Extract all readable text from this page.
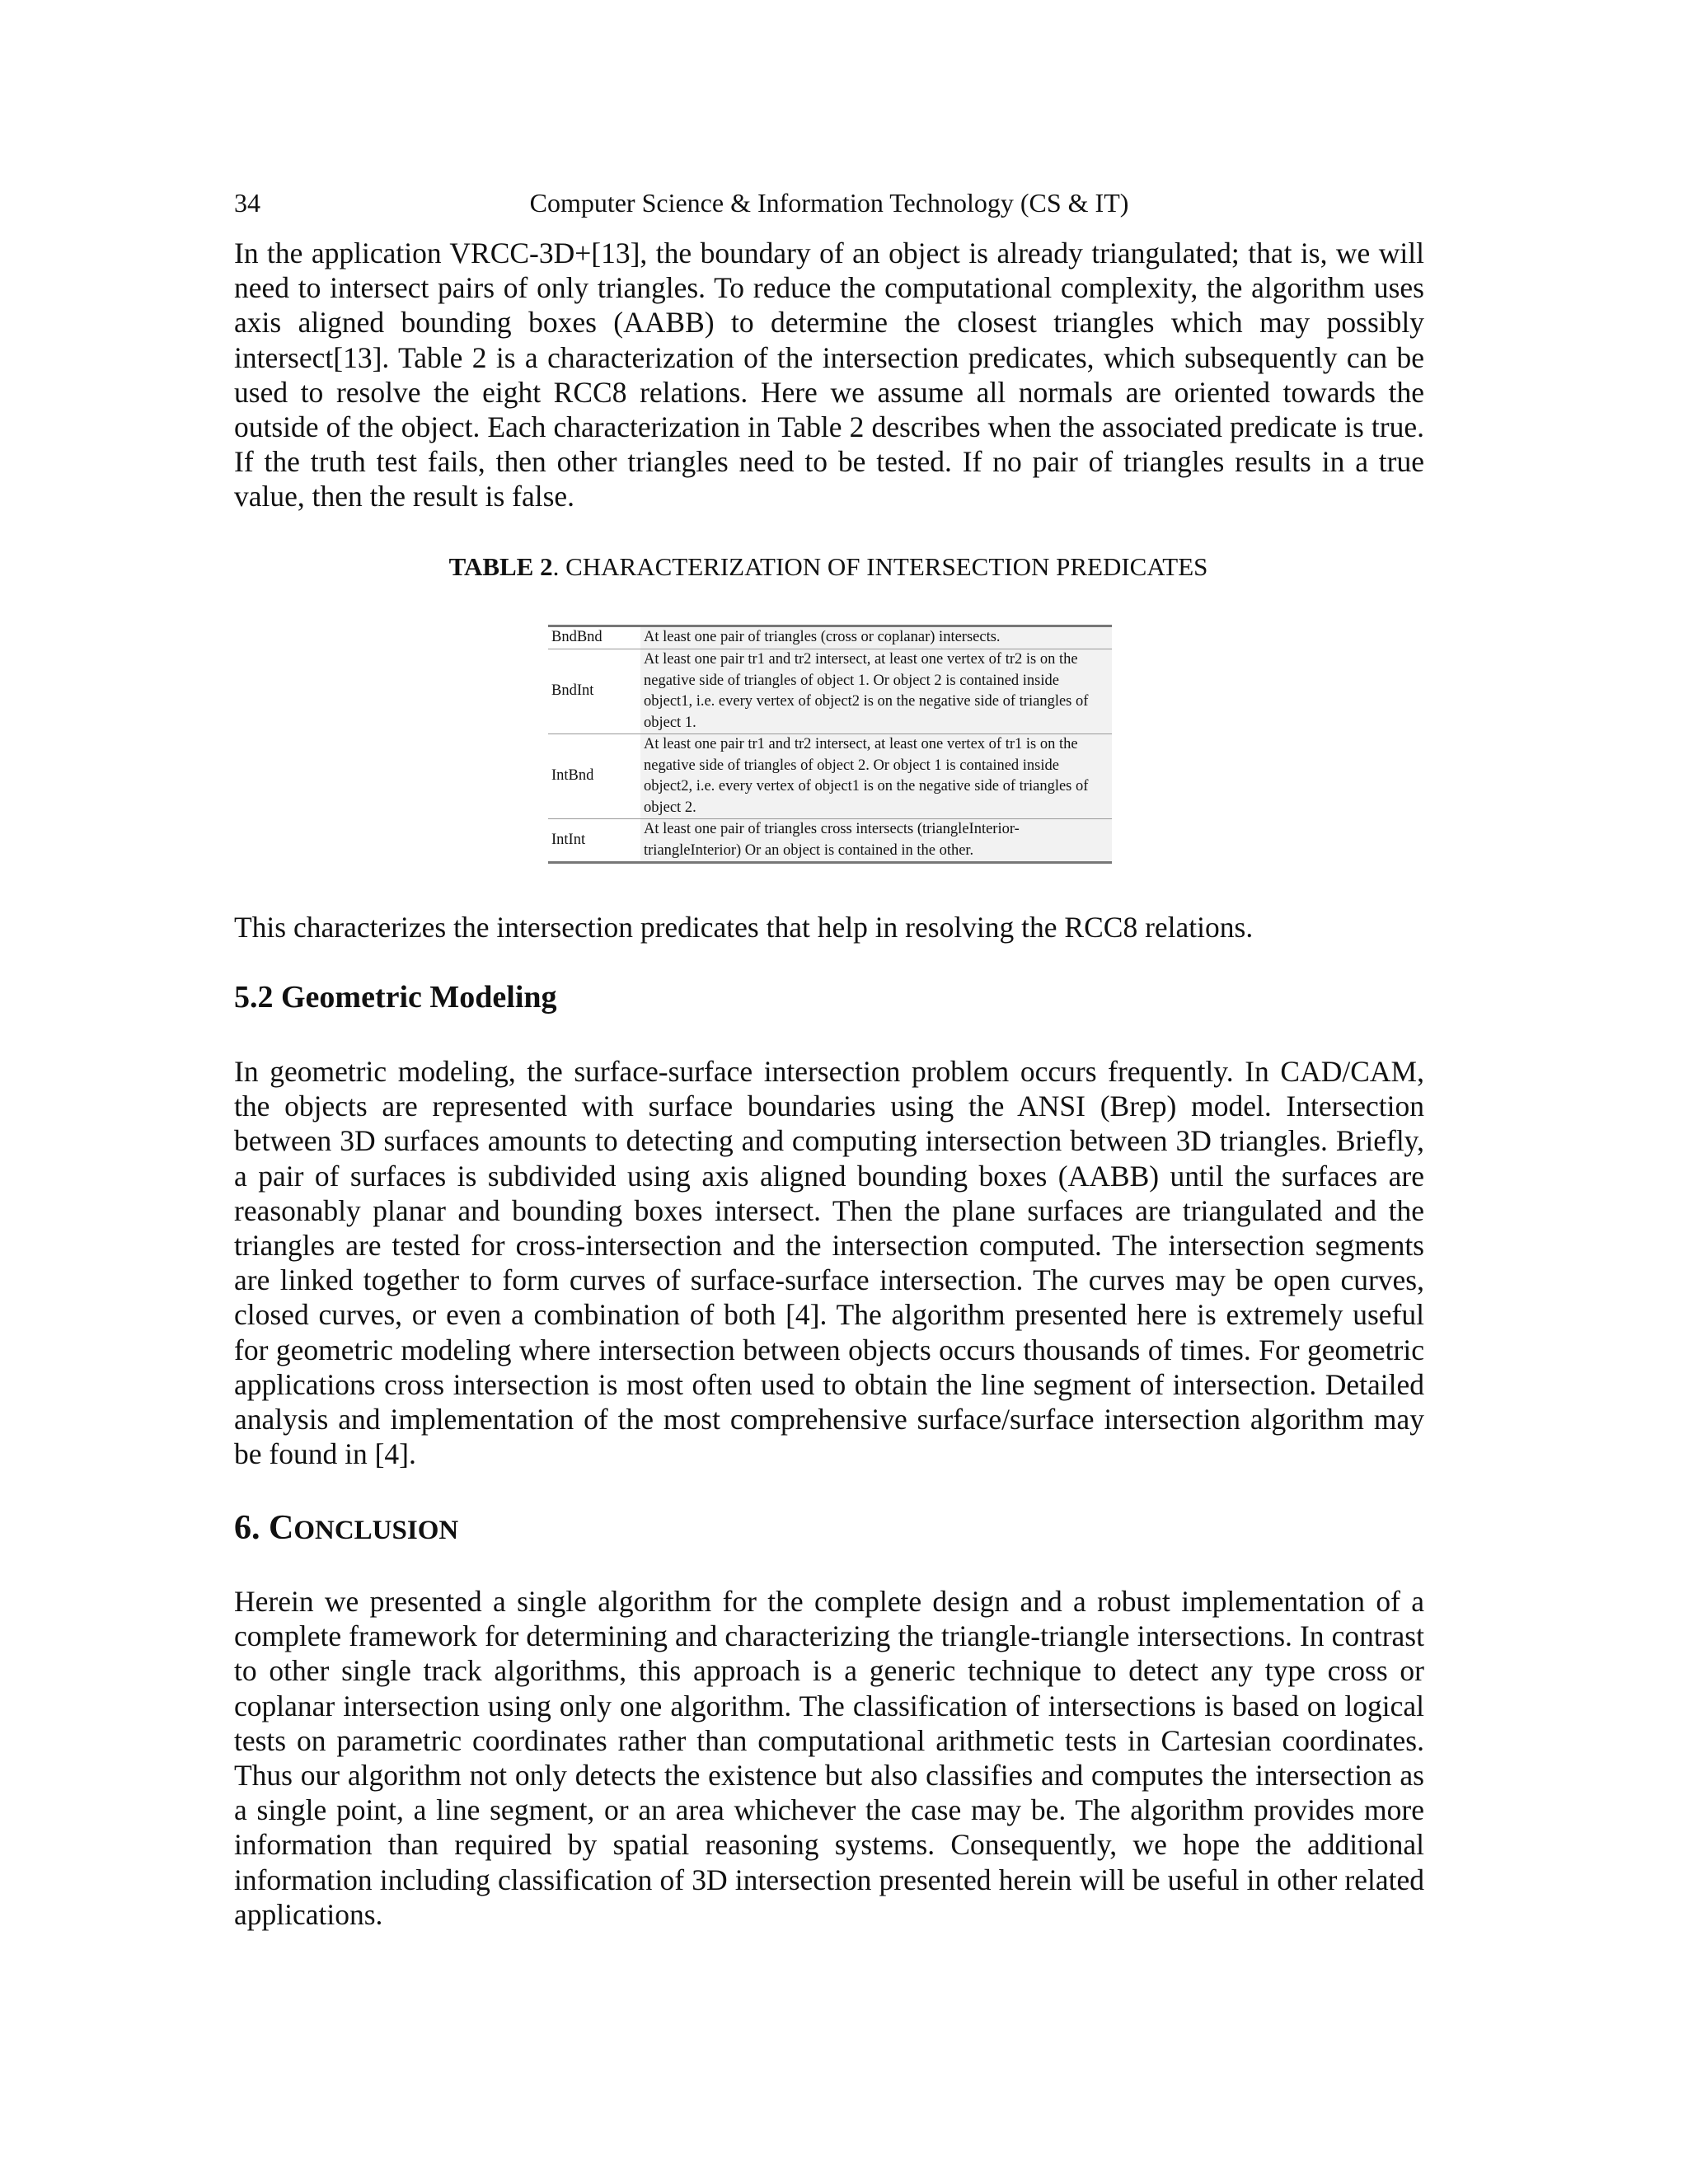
34	Computer Science & Information Technology (CS & IT)

In the application VRCC-3D+[13], the boundary of an object is already triangulated; that is, we will need to intersect pairs of only triangles. To reduce the computational complexity, the algorithm uses axis aligned bounding boxes (AABB) to determine the closest triangles which may possibly intersect[13]. Table 2 is a characterization of the intersection predicates, which subsequently can be used to resolve the eight RCC8 relations. Here we assume all normals are oriented towards the outside of the object. Each characterization in Table 2 describes when the associated predicate is true. If the truth test fails, then other triangles need to be tested. If no pair of triangles results in a true value, then the result is false.

TABLE 2. CHARACTERIZATION OF INTERSECTION PREDICATES
BndBnd	At least one pair of triangles (cross or coplanar) intersects.
BndInt	At least one pair tr1 and tr2 intersect, at least one vertex of tr2 is on the negative side of triangles of object 1. Or object 2 is contained inside object1, i.e. every vertex of object2 is on the negative side of triangles of object 1.
IntBnd	At least one pair tr1 and tr2 intersect, at least one vertex of tr1 is on the negative side of triangles of object 2. Or object 1 is contained inside object2, i.e. every vertex of object1 is on the negative side of triangles of object 2.
IntInt	At least one pair of triangles cross intersects (triangleInterior-triangleInterior) Or an object is contained in the other.

This characterizes the intersection predicates that help in resolving the RCC8 relations.

5.2 Geometric Modeling

In geometric modeling, the surface-surface intersection problem occurs frequently. In CAD/CAM, the objects are represented with surface boundaries using the ANSI (Brep) model. Intersection between 3D surfaces amounts to detecting and computing intersection between 3D triangles. Briefly, a pair of surfaces is subdivided using axis aligned bounding boxes (AABB) until the surfaces are reasonably planar and bounding boxes intersect. Then the plane surfaces are triangulated and the triangles are tested for cross-intersection and the intersection computed. The intersection segments are linked together to form curves of surface-surface intersection. The curves may be open curves, closed curves, or even a combination of both [4]. The algorithm presented here is extremely useful for geometric modeling where intersection between objects occurs thousands of times. For geometric applications cross intersection is most often used to obtain the line segment of intersection. Detailed analysis and implementation of the most comprehensive surface/surface intersection algorithm may be found in [4].

6. CONCLUSION

Herein we presented a single algorithm for the complete design and a robust implementation of a complete framework for determining and characterizing the triangle-triangle intersections. In contrast to other single track algorithms, this approach is a generic technique to detect any type cross or coplanar intersection using only one algorithm. The classification of intersections is based on logical tests on parametric coordinates rather than computational arithmetic tests in Cartesian coordinates. Thus our algorithm not only detects the existence but also classifies and computes the intersection as a single point, a line segment, or an area whichever the case may be. The algorithm provides more information than required by spatial reasoning systems. Consequently, we hope the additional information including classification of 3D intersection presented herein will be useful in other related applications.
